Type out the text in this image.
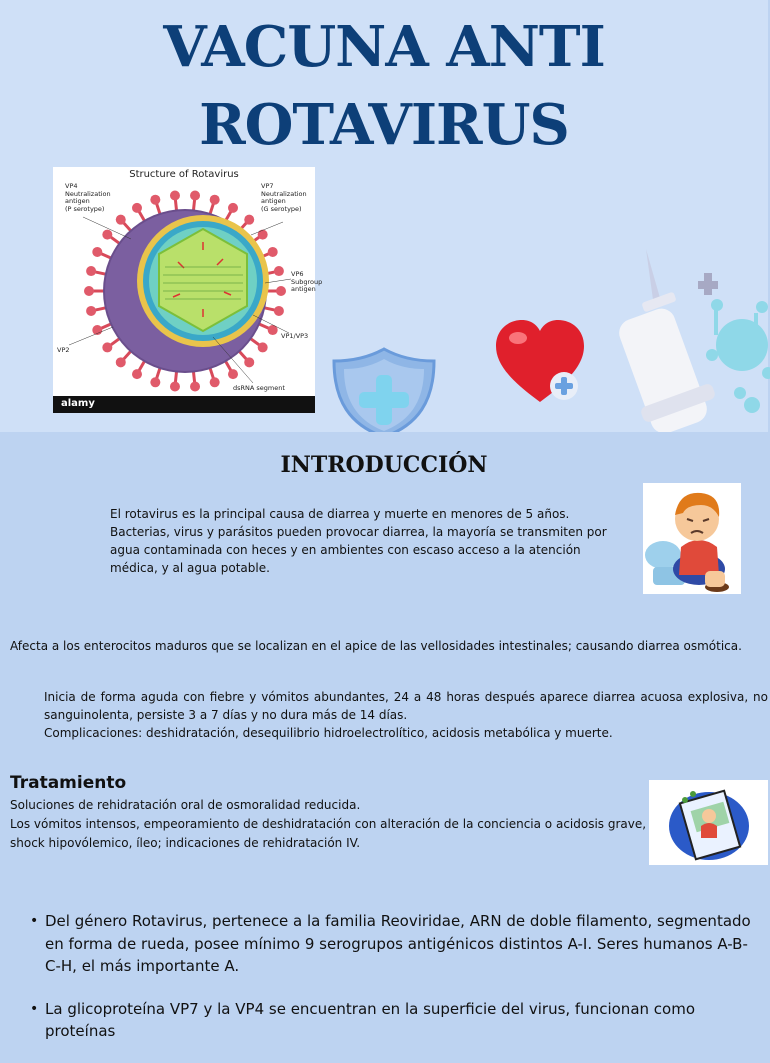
VACUNA ANTI
ROTAVIRUS
Structure of Rotavirus
VP4
Neutralization
antigen
(P serotype)
VP7
Neutralization
antigen
(G serotype)
VP6
Subgroup
antigen
VP1/VP3
VP2
dsRNA segment
alamy
INTRODUCCIÓN

El rotavirus es la principal causa de diarrea y muerte en menores de 5 años. Bacterias, virus y parásitos pueden provocar diarrea, la mayoría se transmiten por agua contaminada con heces y en ambientes con escaso acceso a la atención médica, y al agua potable.

Afecta a los enterocitos maduros que se localizan en el apice de las vellosidades intestinales; causando diarrea osmótica.

Inicia de forma aguda con fiebre y vómitos abundantes, 24 a 48 horas después aparece diarrea acuosa explosiva, no sanguinolenta, persiste 3 a 7 días y no dura más de 14 días.
Complicaciones: deshidratación, desequilibrio hidroelectrolítico, acidosis metabólica y muerte.
Tratamiento
Soluciones de rehidratación oral de osmoralidad reducida.
Los vómitos intensos, empeoramiento de deshidratación con alteración de la conciencia o acidosis grave, shock hipovólemico, íleo; indicaciones de rehidratación IV.
• Del género Rotavirus, pertenece a la familia Reoviridae, ARN de doble filamento, segmentado en forma de rueda, posee mínimo 9 serogrupos antigénicos distintos A-I. Seres humanos A-B-C-H, el más importante A.
• La glicoproteína VP7 y la VP4 se encuentran en la superficie del virus, funcionan como proteínas
